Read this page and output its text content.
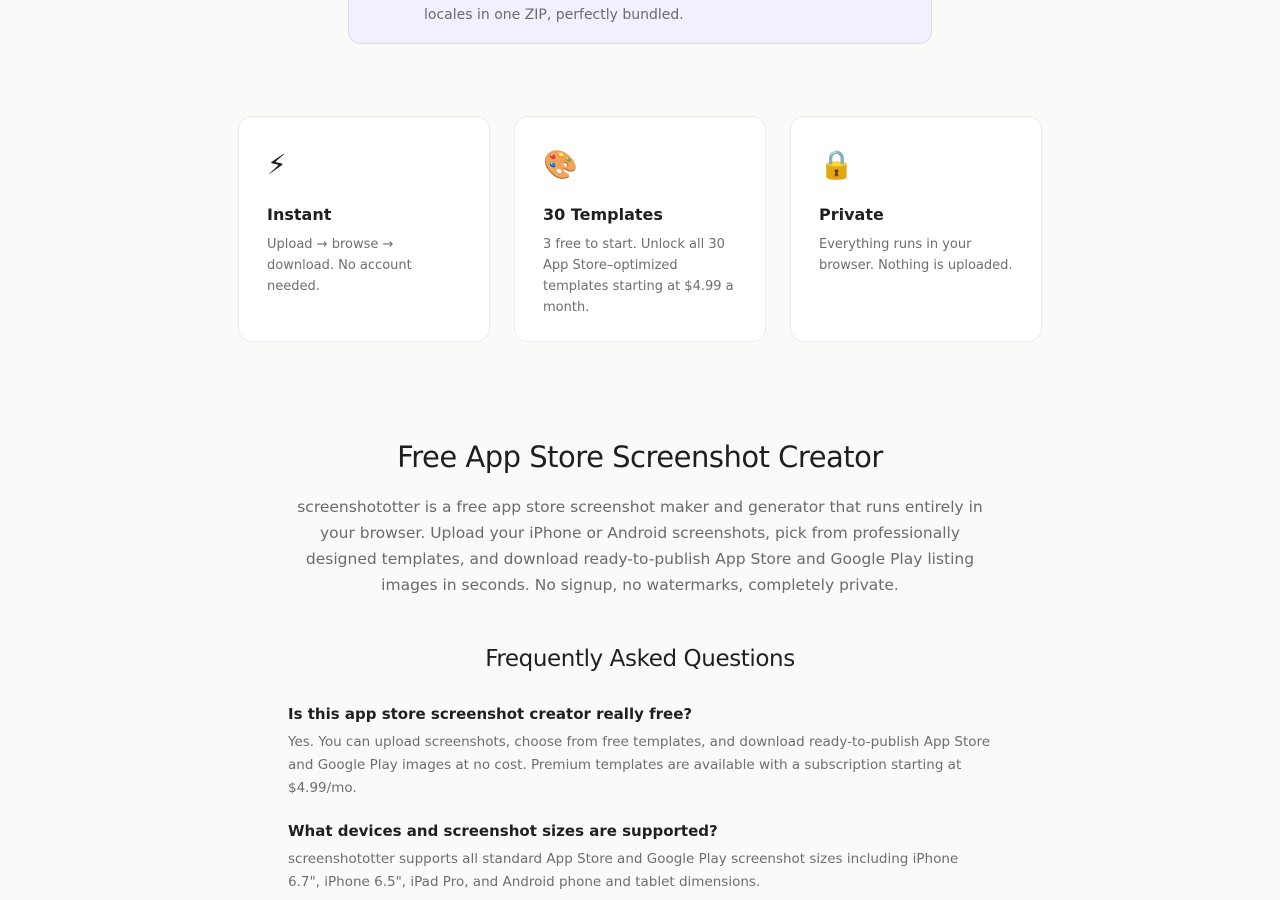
locales in one ZIP, perfectly bundled.
⚡
Instant
Upload → browse → download. No account needed.
🎨
30 Templates
3 free to start. Unlock all 30 App Store–optimized templates starting at $4.99 a month.
🔒
Private
Everything runs in your browser. Nothing is uploaded.
Free App Store Screenshot Creator

screenshototter is a free app store screenshot maker and generator that runs entirely in your browser. Upload your iPhone or Android screenshots, pick from professionally designed templates, and download ready-to-publish App Store and Google Play listing images in seconds. No signup, no watermarks, completely private.

Frequently Asked Questions
Is this app store screenshot creator really free?
Yes. You can upload screenshots, choose from free templates, and download ready-to-publish App Store and Google Play images at no cost. Premium templates are available with a subscription starting at $4.99/mo.
What devices and screenshot sizes are supported?
screenshototter supports all standard App Store and Google Play screenshot sizes including iPhone 6.7", iPhone 6.5", iPad Pro, and Android phone and tablet dimensions.
